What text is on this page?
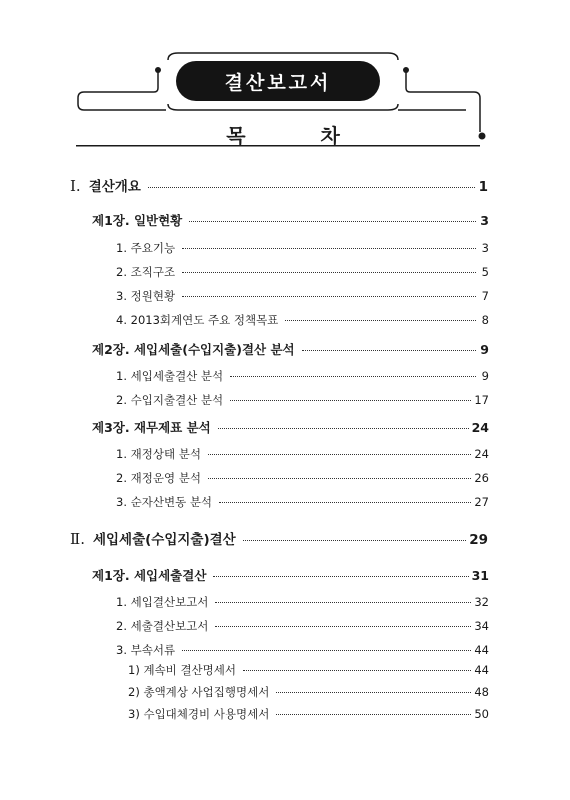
결산보고서
목 차
Ⅰ. 결산개요	1
제1장. 일반현황	3
1. 주요기능	3
2. 조직구조	5
3. 정원현황	7
4. 2013회계연도 주요 정책목표	8
제2장. 세입세출(수입지출)결산 분석	9
1. 세입세출결산 분석	9
2. 수입지출결산 분석	17
제3장. 재무제표 분석	24
1. 재정상태 분석	24
2. 재정운영 분석	26
3. 순자산변동 분석	27
Ⅱ. 세입세출(수입지출)결산	29
제1장. 세입세출결산	31
1. 세입결산보고서	32
2. 세출결산보고서	34
3. 부속서류	44
1) 계속비 결산명세서	44
2) 총액계상 사업집행명세서	48
3) 수입대체경비 사용명세서	50
